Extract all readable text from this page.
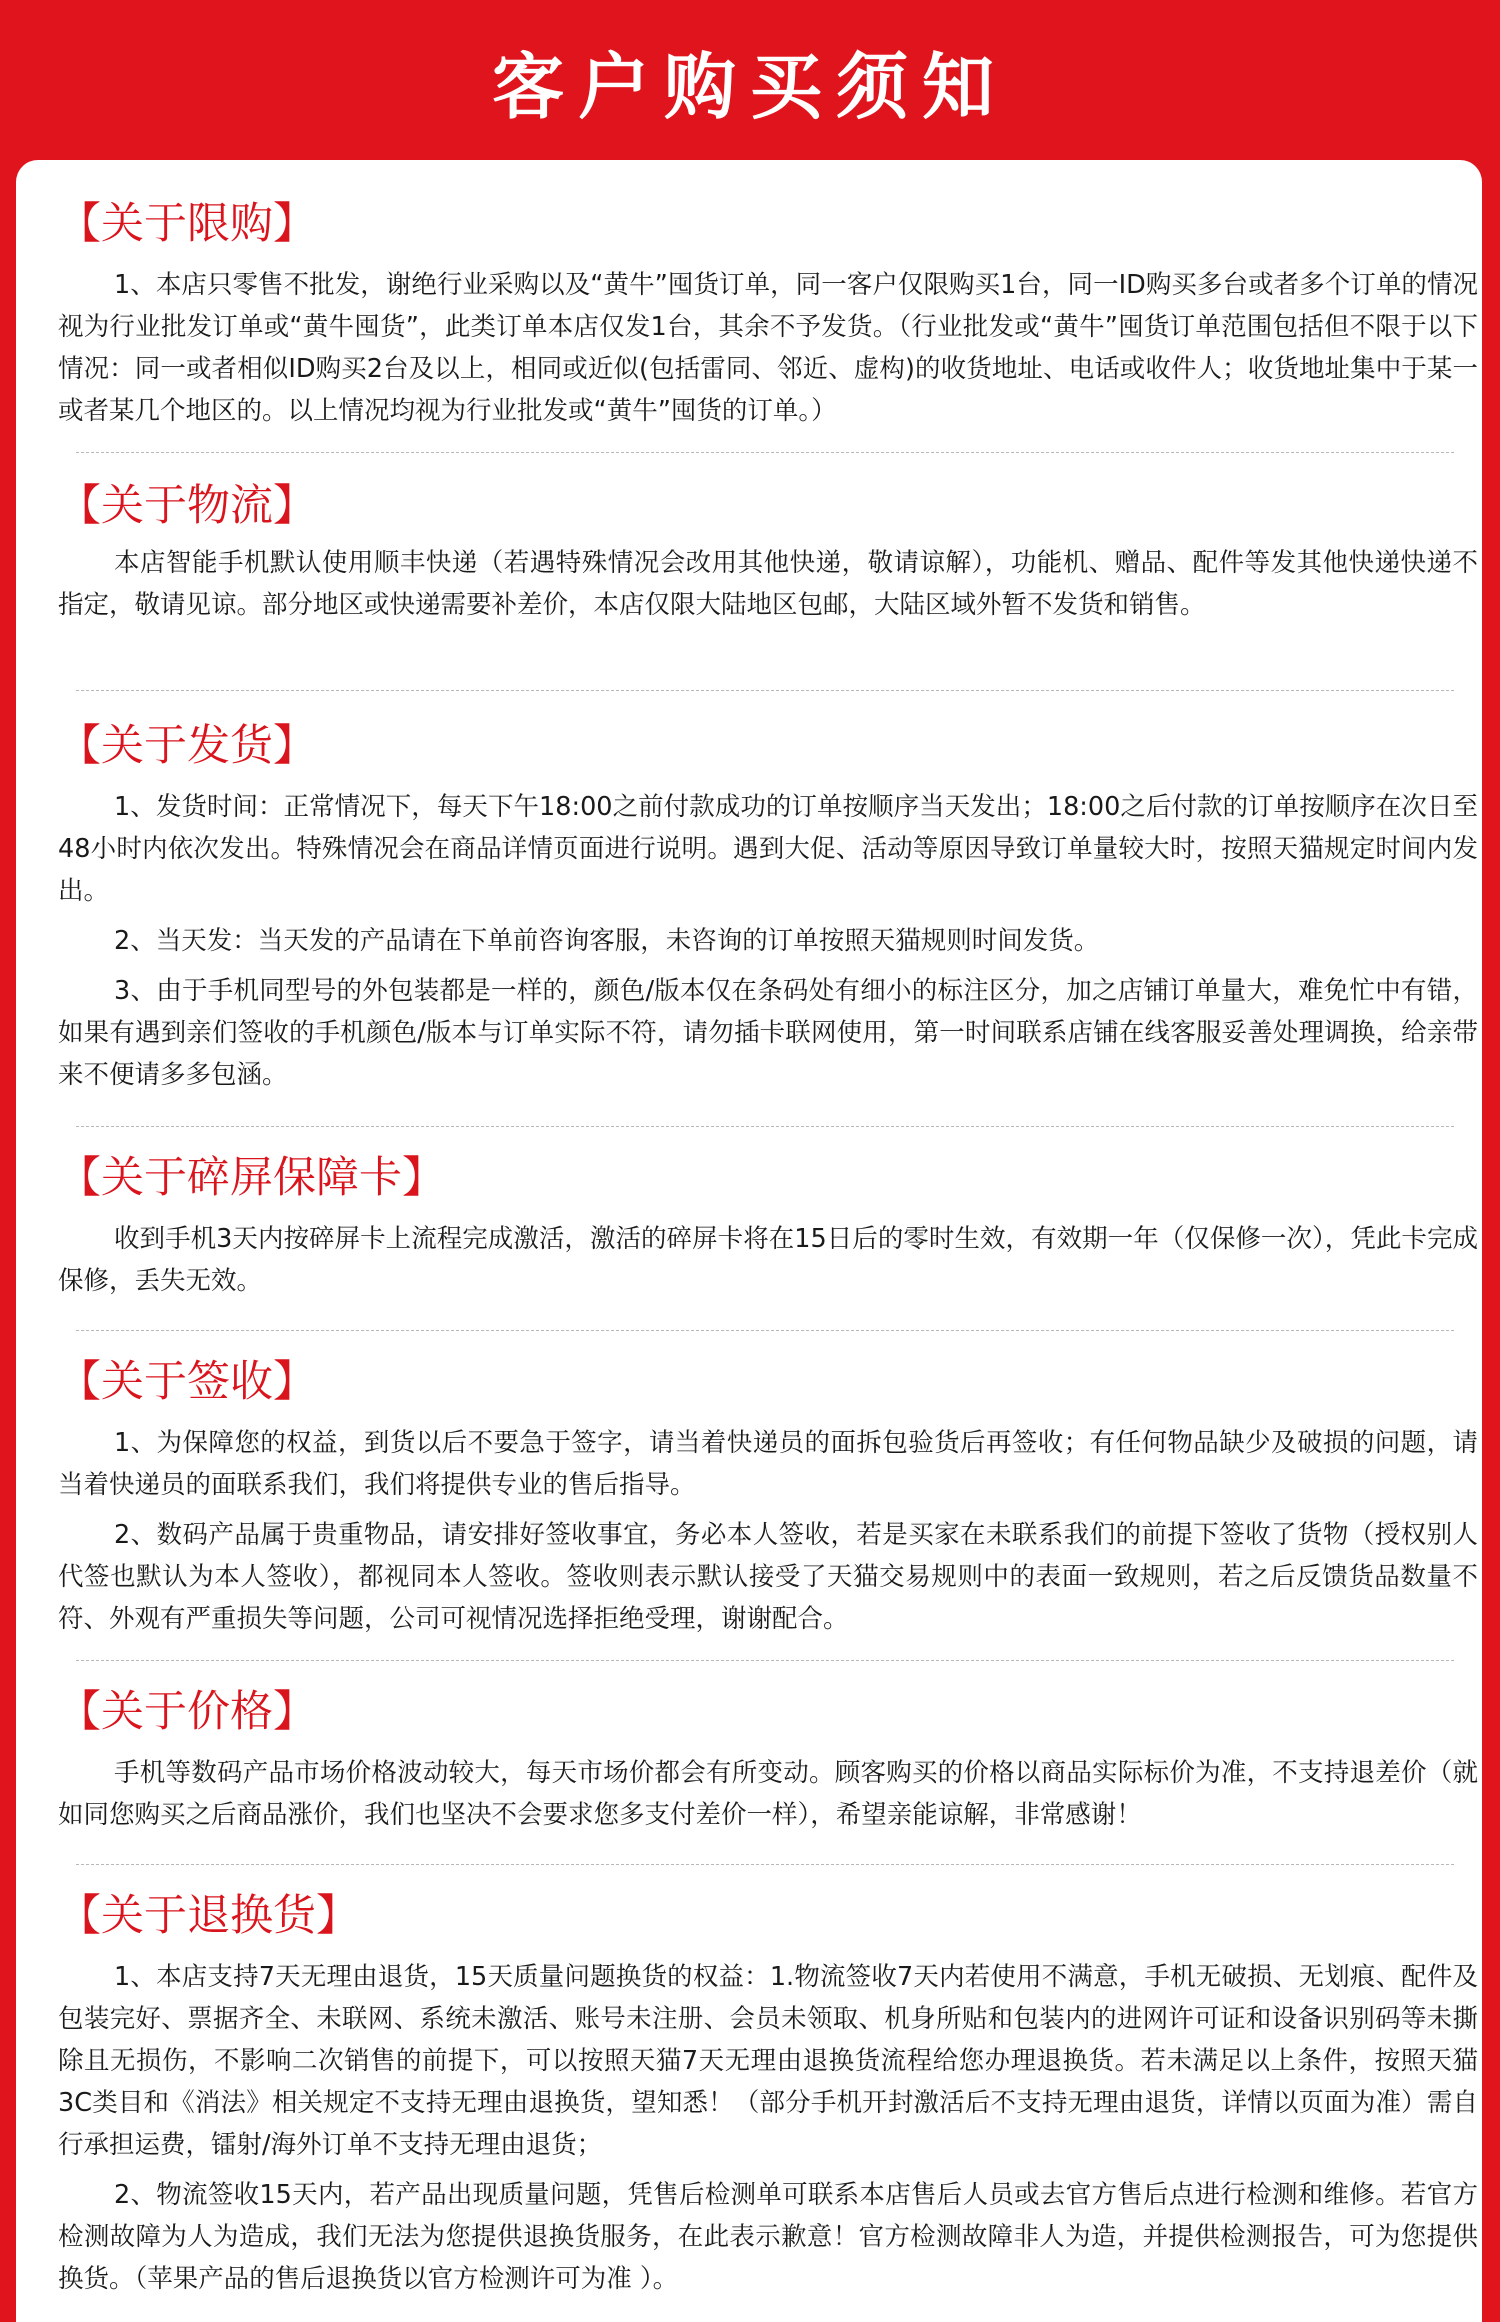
客户购买须知
【关于限购】

1、本店只零售不批发，谢绝行业采购以及“黄牛”囤货订单，同一客户仅限购买1台，同一ID购买多台或者多个订单的情况视为行业批发订单或“黄牛囤货”，此类订单本店仅发1台，其余不予发货。（行业批发或“黄牛”囤货订单范围包括但不限于以下情况：同一或者相似ID购买2台及以上，相同或近似(包括雷同、邻近、虚构)的收货地址、电话或收件人；收货地址集中于某一或者某几个地区的。以上情况均视为行业批发或“黄牛”囤货的订单。）

【关于物流】

本店智能手机默认使用顺丰快递（若遇特殊情况会改用其他快递，敬请谅解），功能机、赠品、配件等发其他快递快递不指定，敬请见谅。部分地区或快递需要补差价，本店仅限大陆地区包邮，大陆区域外暂不发货和销售。

【关于发货】

1、发货时间：正常情况下，每天下午18:00之前付款成功的订单按顺序当天发出；18:00之后付款的订单按顺序在次日至48小时内依次发出。特殊情况会在商品详情页面进行说明。遇到大促、活动等原因导致订单量较大时，按照天猫规定时间内发出。

2、当天发：当天发的产品请在下单前咨询客服，未咨询的订单按照天猫规则时间发货。

3、由于手机同型号的外包装都是一样的，颜色/版本仅在条码处有细小的标注区分，加之店铺订单量大，难免忙中有错，如果有遇到亲们签收的手机颜色/版本与订单实际不符，请勿插卡联网使用，第一时间联系店铺在线客服妥善处理调换，给亲带来不便请多多包涵。

【关于碎屏保障卡】

收到手机3天内按碎屏卡上流程完成激活，激活的碎屏卡将在15日后的零时生效，有效期一年（仅保修一次），凭此卡完成保修，丢失无效。

【关于签收】

1、为保障您的权益，到货以后不要急于签字，请当着快递员的面拆包验货后再签收；有任何物品缺少及破损的问题，请当着快递员的面联系我们，我们将提供专业的售后指导。

2、数码产品属于贵重物品，请安排好签收事宜，务必本人签收，若是买家在未联系我们的前提下签收了货物（授权别人代签也默认为本人签收），都视同本人签收。签收则表示默认接受了天猫交易规则中的表面一致规则，若之后反馈货品数量不符、外观有严重损失等问题，公司可视情况选择拒绝受理，谢谢配合。

【关于价格】

手机等数码产品市场价格波动较大，每天市场价都会有所变动。顾客购买的价格以商品实际标价为准，不支持退差价（就如同您购买之后商品涨价，我们也坚决不会要求您多支付差价一样），希望亲能谅解，非常感谢！

【关于退换货】

1、本店支持7天无理由退货，15天质量问题换货的权益：1.物流签收7天内若使用不满意，手机无破损、无划痕、配件及包装完好、票据齐全、未联网、系统未激活、账号未注册、会员未领取、机身所贴和包装内的进网许可证和设备识别码等未撕除且无损伤，不影响二次销售的前提下，可以按照天猫7天无理由退换货流程给您办理退换货。若未满足以上条件，按照天猫3C类目和《消法》相关规定不支持无理由退换货，望知悉！（部分手机开封激活后不支持无理由退货，详情以页面为准）需自行承担运费，镭射/海外订单不支持无理由退货；

2、物流签收15天内，若产品出现质量问题，凭售后检测单可联系本店售后人员或去官方售后点进行检测和维修。若官方检测故障为人为造成，我们无法为您提供退换货服务，在此表示歉意！官方检测故障非人为造，并提供检测报告，可为您提供换货。（苹果产品的售后退换货以官方检测许可为准 ）。
